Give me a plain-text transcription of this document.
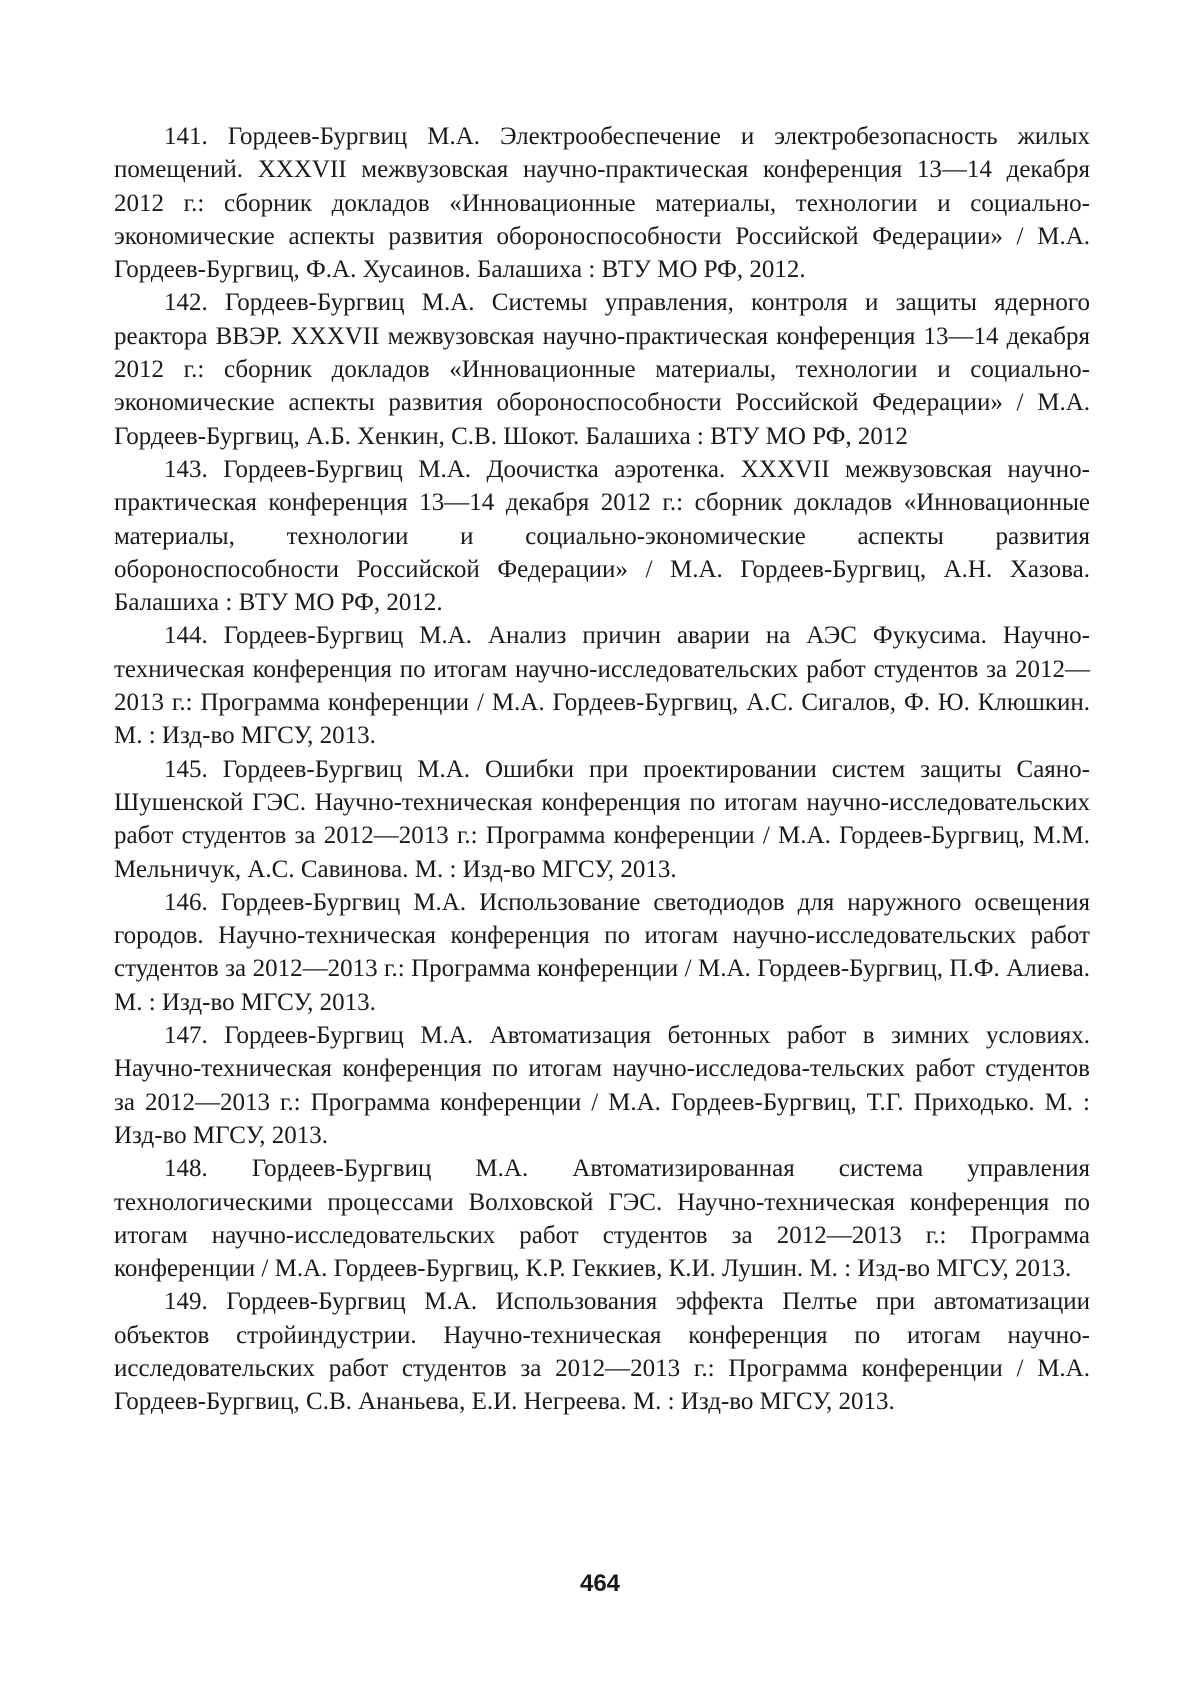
141. Гордеев-Бургвиц М.А. Электрообеспечение и электробезопасность жилых помещений. XXXVII межвузовская научно-практическая конференция 13—14 декабря 2012 г.: сборник докладов «Инновационные материалы, технологии и социально-экономические аспекты развития обороноспособности Российской Федерации» / М.А. Гордеев-Бургвиц, Ф.А. Хусаинов. Балашиха : ВТУ МО РФ, 2012.

142. Гордеев-Бургвиц М.А. Системы управления, контроля и защиты ядерного реактора ВВЭР. XXXVII межвузовская научно-практическая конференция 13—14 декабря 2012 г.: сборник докладов «Инновационные материалы, технологии и социально-экономические аспекты развития обороноспособности Российской Федерации» / М.А. Гордеев-Бургвиц, А.Б. Хенкин, С.В. Шокот. Балашиха : ВТУ МО РФ, 2012

143. Гордеев-Бургвиц М.А. Доочистка аэротенка. XXXVII межвузовская научно-практическая конференция 13—14 декабря 2012 г.: сборник докладов «Инновационные материалы, технологии и социально-экономические аспекты развития обороноспособности Российской Федерации» / М.А. Гордеев-Бургвиц, А.Н. Хазова. Балашиха : ВТУ МО РФ, 2012.

144. Гордеев-Бургвиц М.А. Анализ причин аварии на АЭС Фукусима. Научно-техническая конференция по итогам научно-исследовательских работ студентов за 2012—2013 г.: Программа конференции / М.А. Гордеев-Бургвиц, А.С. Сигалов, Ф. Ю. Клюшкин. М. : Изд-во МГСУ, 2013.

145. Гордеев-Бургвиц М.А. Ошибки при проектировании систем защиты Саяно-Шушенской ГЭС. Научно-техническая конференция по итогам научно-исследовательских работ студентов за 2012—2013 г.: Программа конференции / М.А. Гордеев-Бургвиц, М.М. Мельничук, А.С. Савинова. М. : Изд-во МГСУ, 2013.

146. Гордеев-Бургвиц М.А. Использование светодиодов для наружного освещения городов. Научно-техническая конференция по итогам научно-исследовательских работ студентов за 2012—2013 г.: Программа конференции / М.А. Гордеев-Бургвиц, П.Ф. Алиева. М. : Изд-во МГСУ, 2013.

147. Гордеев-Бургвиц М.А. Автоматизация бетонных работ в зимних условиях. Научно-техническая конференция по итогам научно-исследова-тельских работ студентов за 2012—2013 г.: Программа конференции / М.А. Гордеев-Бургвиц, Т.Г. Приходько. М. : Изд-во МГСУ, 2013.

148. Гордеев-Бургвиц М.А. Автоматизированная система управления технологическими процессами Волховской ГЭС. Научно-техническая конференция по итогам научно-исследовательских работ студентов за 2012—2013 г.: Программа конференции / М.А. Гордеев-Бургвиц, К.Р. Геккиев, К.И. Лушин. М. : Изд-во МГСУ, 2013.

149. Гордеев-Бургвиц М.А. Использования эффекта Пелтье при автоматизации объектов стройиндустрии. Научно-техническая конференция по итогам научно-исследовательских работ студентов за 2012—2013 г.: Программа конференции / М.А. Гордеев-Бургвиц, С.В. Ананьева, Е.И. Негреева. М. : Изд-во МГСУ, 2013.

464
